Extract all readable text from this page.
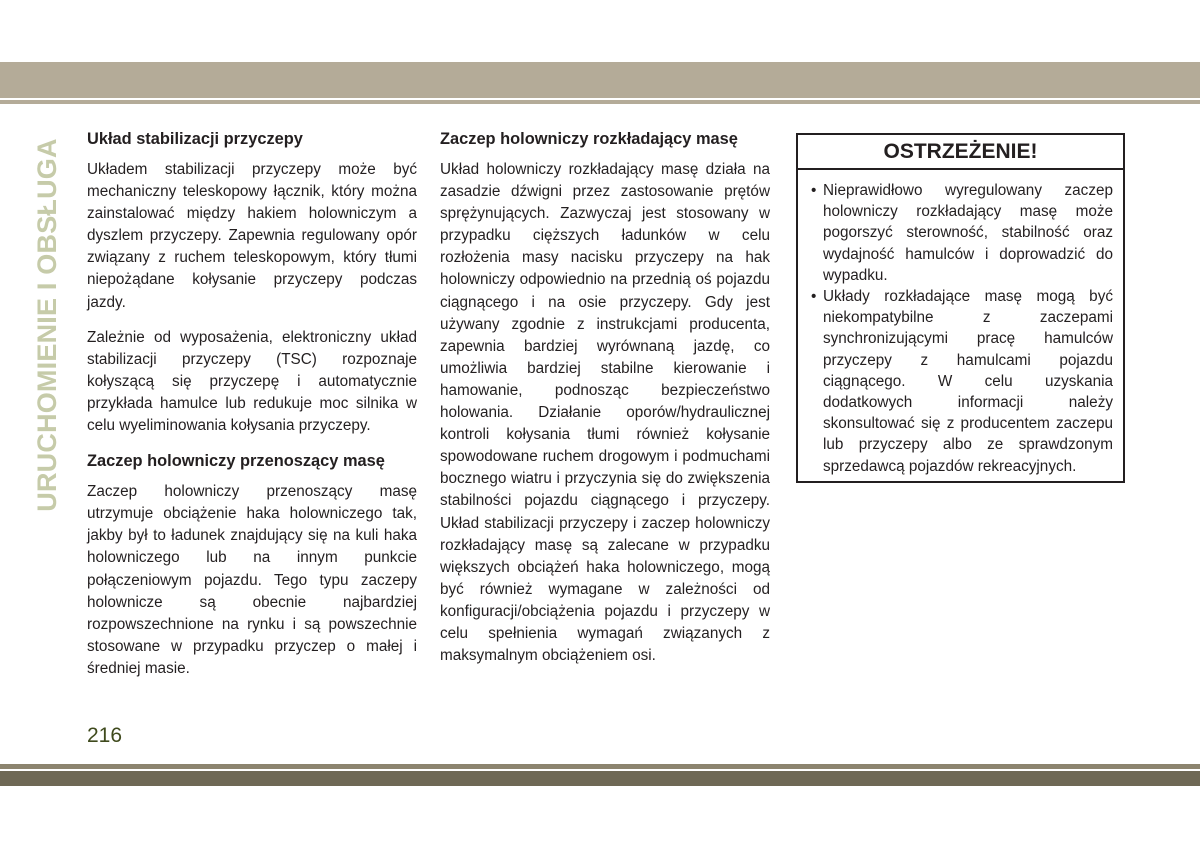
URUCHOMIENIE I OBSŁUGA Układ stabilizacji przyczepy

Układem stabilizacji przyczepy może być mechaniczny teleskopowy łącznik, który można zainstalować między hakiem holowniczym a dyszlem przyczepy. Zapewnia regulowany opór związany z ruchem teleskopowym, który tłumi niepożądane kołysanie przyczepy podczas jazdy.

Zależnie od wyposażenia, elektroniczny układ stabilizacji przyczepy (TSC) rozpoznaje kołyszącą się przyczepę i automatycznie przykłada hamulce lub redukuje moc silnika w celu wyeliminowania kołysania przyczepy.

Zaczep holowniczy przenoszący masę

Zaczep holowniczy przenoszący masę utrzymuje obciążenie haka holowniczego tak, jakby był to ładunek znajdujący się na kuli haka holowniczego lub na innym punkcie połączeniowym pojazdu. Tego typu zaczepy holownicze są obecnie najbardziej rozpowszechnione na rynku i są powszechnie stosowane w przypadku przyczep o małej i średniej masie.

Zaczep holowniczy rozkładający masę

Układ holowniczy rozkładający masę działa na zasadzie dźwigni przez zastosowanie prętów sprężynujących. Zazwyczaj jest stosowany w przypadku cięższych ładunków w celu rozłożenia masy nacisku przyczepy na hak holowniczy odpowiednio na przednią oś pojazdu ciągnącego i na osie przyczepy. Gdy jest używany zgodnie z instrukcjami producenta, zapewnia bardziej wyrównaną jazdę, co umożliwia bardziej stabilne kierowanie i hamowanie, podnosząc bezpieczeństwo holowania. Działanie oporów/hydraulicznej kontroli kołysania tłumi również kołysanie spowodowane ruchem drogowym i podmuchami bocznego wiatru i przyczynia się do zwiększenia stabilności pojazdu ciągnącego i przyczepy. Układ stabilizacji przyczepy i zaczep holowniczy rozkładający masę są zalecane w przypadku większych obciążeń haka holowniczego, mogą być również wymagane w zależności od konfiguracji/obciążenia pojazdu i przyczepy w celu spełnienia wymagań związanych z maksymalnym obciążeniem osi.

OSTRZEŻENIE!
• Nieprawidłowo wyregulowany zaczep holowniczy rozkładający masę może pogorszyć sterowność, stabilność oraz wydajność hamulców i doprowadzić do wypadku.
• Układy rozkładające masę mogą być niekompatybilne z zaczepami synchronizującymi pracę hamulców przyczepy z hamulcami pojazdu ciągnącego. W celu uzyskania dodatkowych informacji należy skonsultować się z producentem zaczepu lub przyczepy albo ze sprawdzonym sprzedawcą pojazdów rekreacyjnych.
216
